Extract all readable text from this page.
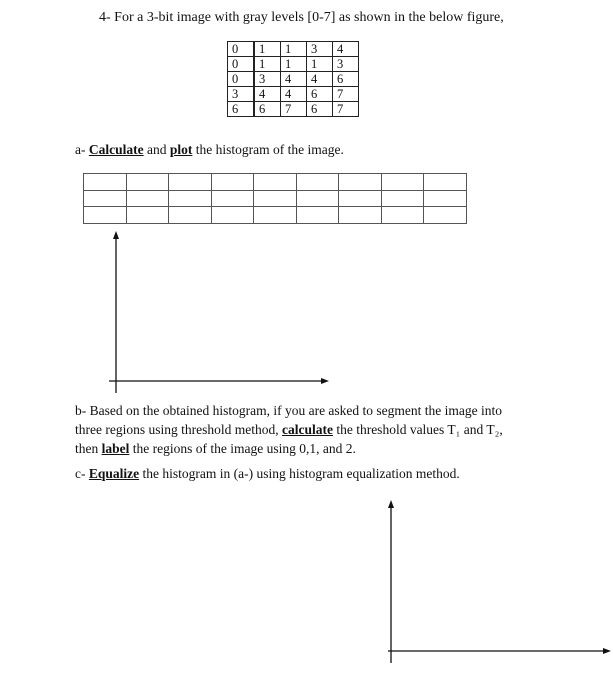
4- For a 3-bit image with gray levels [0-7] as shown in the below figure,
0	1	1	3	4
0	1	1	1	3
0	3	4	4	6
3	4	4	6	7
6	6	7	6	7
a- Calculate and plot the histogram of the image.

b- Based on the obtained histogram, if you are asked to segment the image into
three regions using threshold method, calculate the threshold values T₁ and T₂,
then label the regions of the image using 0,1, and 2.
c- Equalize the histogram in (a-) using histogram equalization method.
